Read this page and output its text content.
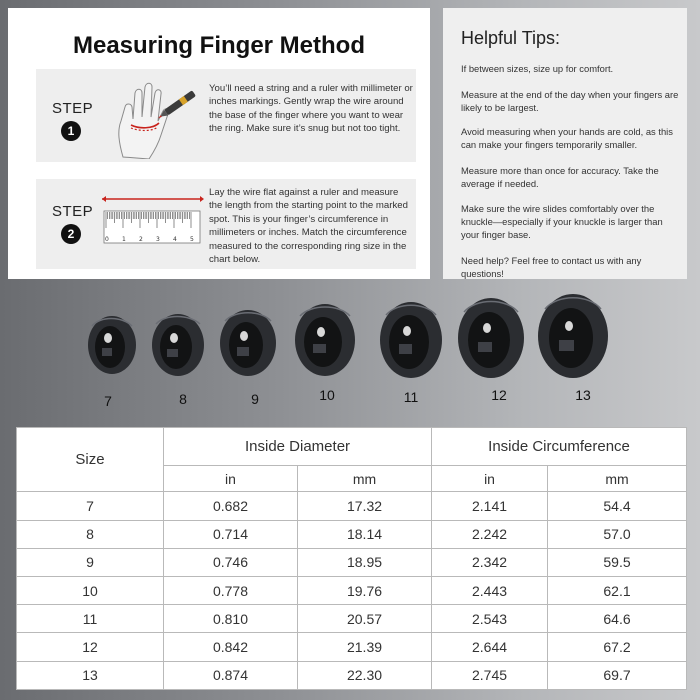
Measuring Finger Method
STEP
1
You’ll need a string and a ruler with millimeter or inches markings. Gently wrap the wire around the base of the finger where you want to wear the ring. Make sure it’s snug but not too tight.
STEP
2	0 1 2 3 4 5
Lay the wire flat against a ruler and measure the length from the starting point to the marked spot. This is your finger’s circumference in millimeters or inches. Match the circumference measured to the corresponding ring size in the chart below.
Helpful Tips:
If between sizes, size up for comfort.
Measure at the end of the day when your fingers are likely to be largest.
Avoid measuring when your hands are cold, as this can make your fingers temporarily smaller.
Measure more than once for accuracy. Take the average if needed.
Make sure the wire slides comfortably over the knuckle—especially if your knuckle is larger than your finger base.
Need help? Feel free to contact us with any questions!
7	8	9	10	11	12	13
Size	Inside Diameter		Inside Circumference	
	in	mm	in	mm
7	0.682	17.32	2.141	54.4
8	0.714	18.14	2.242	57.0
9	0.746	18.95	2.342	59.5
10	0.778	19.76	2.443	62.1
11	0.810	20.57	2.543	64.6
12	0.842	21.39	2.644	67.2
13	0.874	22.30	2.745	69.7
